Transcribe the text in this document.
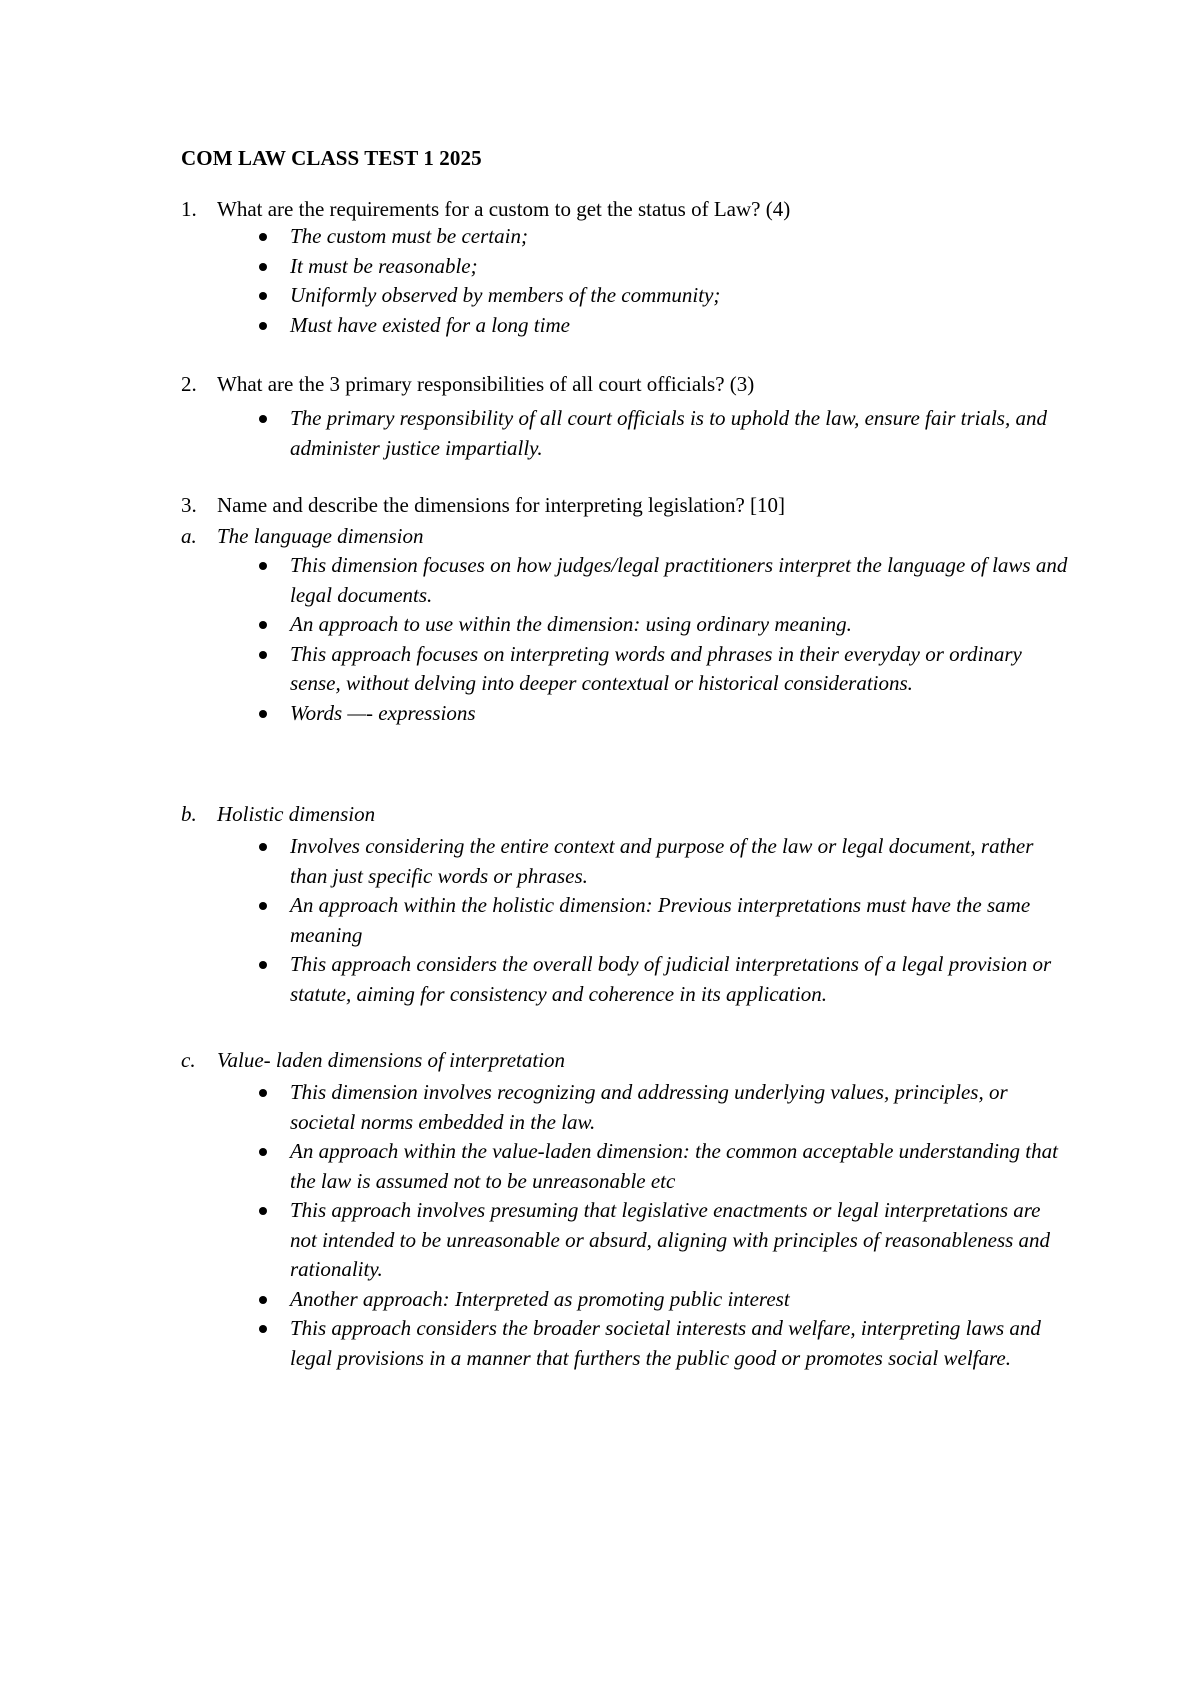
COM LAW CLASS TEST 1 2025
1. What are the requirements for a custom to get the status of Law? (4)
The custom must be certain;
It must be reasonable;
Uniformly observed by members of the community;
Must have existed for a long time
2. What are the 3 primary responsibilities of all court officials? (3)
The primary responsibility of all court officials is to uphold the law, ensure fair trials, and administer justice impartially.
3. Name and describe the dimensions for interpreting legislation? [10]
a. The language dimension
This dimension focuses on how judges/legal practitioners interpret the language of laws and legal documents.
An approach to use within the dimension: using ordinary meaning.
This approach focuses on interpreting words and phrases in their everyday or ordinary sense, without delving into deeper contextual or historical considerations.
Words —- expressions
b. Holistic dimension
Involves considering the entire context and purpose of the law or legal document, rather than just specific words or phrases.
An approach within the holistic dimension: Previous interpretations must have the same meaning
This approach considers the overall body of judicial interpretations of a legal provision or statute, aiming for consistency and coherence in its application.
c. Value- laden dimensions of interpretation
This dimension involves recognizing and addressing underlying values, principles, or societal norms embedded in the law.
An approach within the value-laden dimension: the common acceptable understanding that the law is assumed not to be unreasonable etc
This approach involves presuming that legislative enactments or legal interpretations are not intended to be unreasonable or absurd, aligning with principles of reasonableness and rationality.
Another approach: Interpreted as promoting public interest
This approach considers the broader societal interests and welfare, interpreting laws and legal provisions in a manner that furthers the public good or promotes social welfare.
